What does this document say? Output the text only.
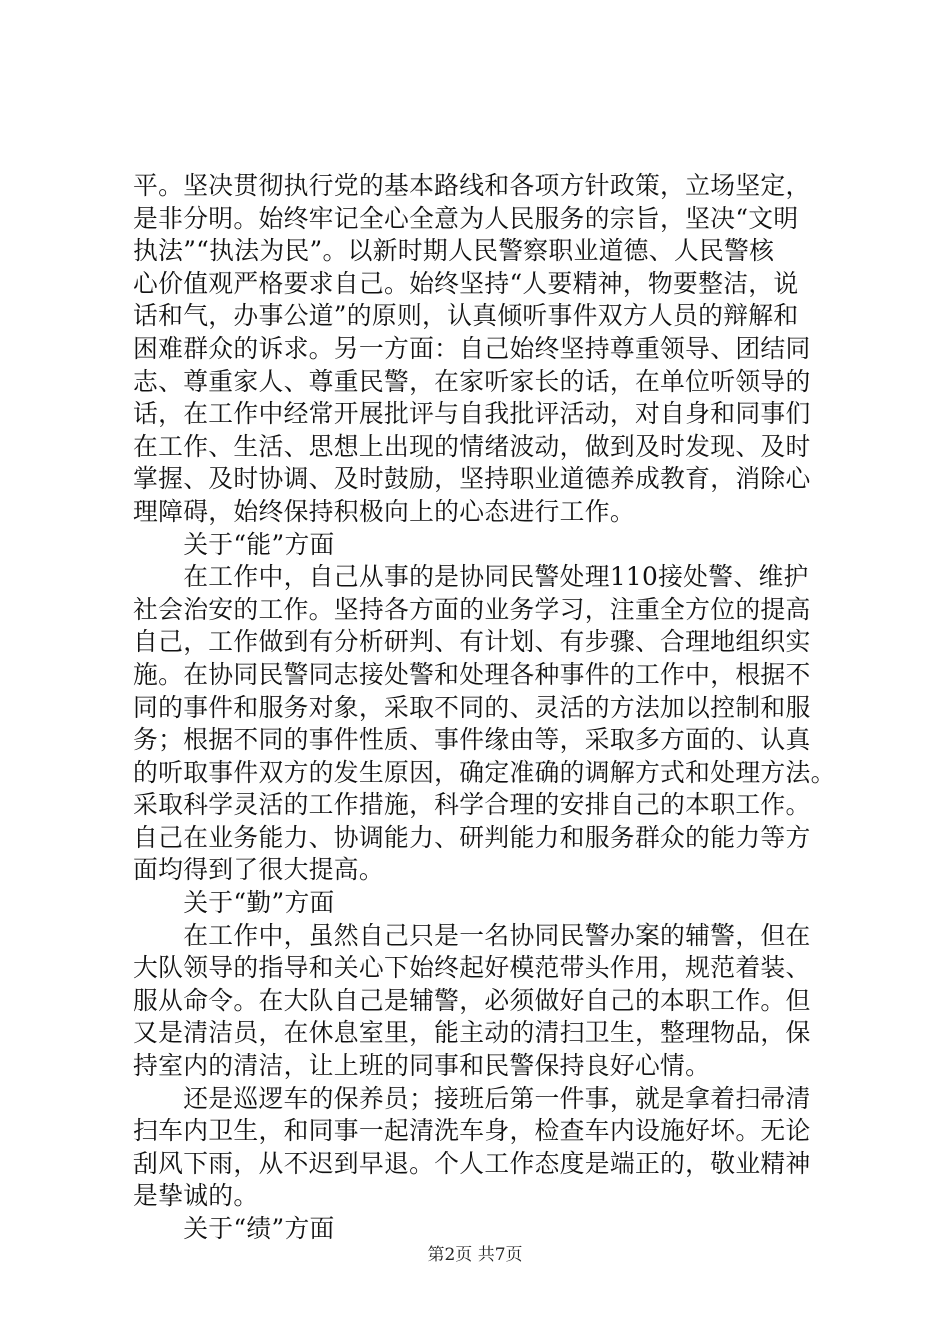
平。坚决贯彻执行党的基本路线和各项方针政策，立场坚定，
是非分明。始终牢记全心全意为人民服务的宗旨，坚决“文明
执法”“执法为民”。以新时期人民警察职业道德、人民警核
心价值观严格要求自己。始终坚持“人要精神，物要整洁，说
话和气，办事公道”的原则，认真倾听事件双方人员的辩解和
困难群众的诉求。另一方面：自己始终坚持尊重领导、团结同
志、尊重家人、尊重民警，在家听家长的话，在单位听领导的
话，在工作中经常开展批评与自我批评活动，对自身和同事们
在工作、生活、思想上出现的情绪波动，做到及时发现、及时
掌握、及时协调、及时鼓励，坚持职业道德养成教育，消除心
理障碍，始终保持积极向上的心态进行工作。
　　关于“能”方面
　　在工作中，自己从事的是协同民警处理110接处警、维护
社会治安的工作。坚持各方面的业务学习，注重全方位的提高
自己，工作做到有分析研判、有计划、有步骤、合理地组织实
施。在协同民警同志接处警和处理各种事件的工作中，根据不
同的事件和服务对象，采取不同的、灵活的方法加以控制和服
务；根据不同的事件性质、事件缘由等，采取多方面的、认真
的听取事件双方的发生原因，确定准确的调解方式和处理方法。
采取科学灵活的工作措施，科学合理的安排自己的本职工作。
自己在业务能力、协调能力、研判能力和服务群众的能力等方
面均得到了很大提高。
　　关于“勤”方面
　　在工作中，虽然自己只是一名协同民警办案的辅警，但在
大队领导的指导和关心下始终起好模范带头作用，规范着装、
服从命令。在大队自己是辅警，必须做好自己的本职工作。但
又是清洁员，在休息室里，能主动的清扫卫生，整理物品，保
持室内的清洁，让上班的同事和民警保持良好心情。
　　还是巡逻车的保养员；接班后第一件事，就是拿着扫帚清
扫车内卫生，和同事一起清洗车身，检查车内设施好坏。无论
刮风下雨，从不迟到早退。个人工作态度是端正的，敬业精神
是挚诚的。
　　关于“绩”方面
第2页 共7页
